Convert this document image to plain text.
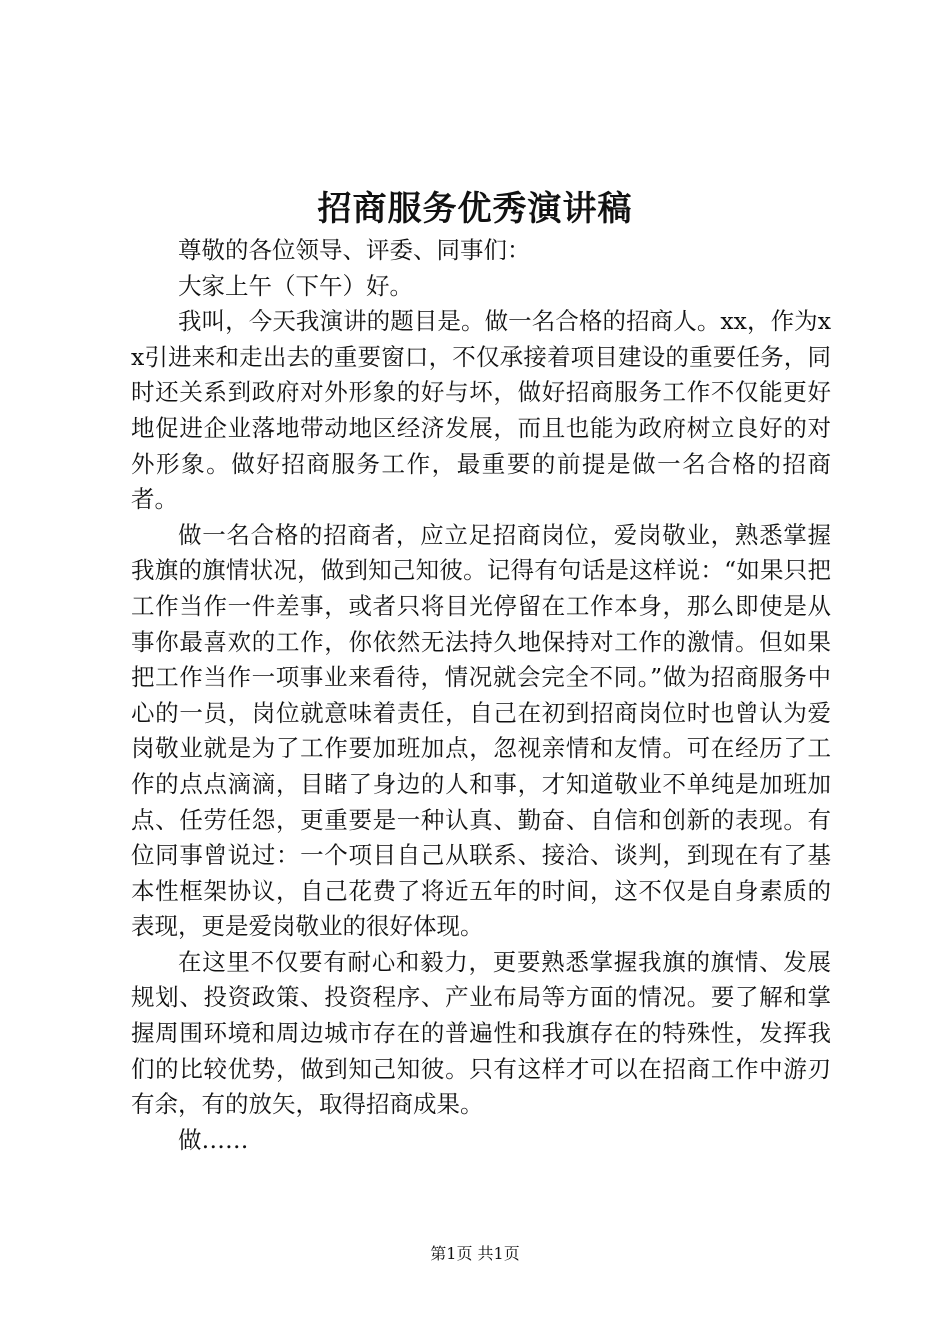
招商服务优秀演讲稿

尊敬的各位领导、评委、同事们：

大家上午（下午）好。

我叫，今天我演讲的题目是。做一名合格的招商人。xx，作为xx引进来和走出去的重要窗口，不仅承接着项目建设的重要任务，同时还关系到政府对外形象的好与坏，做好招商服务工作不仅能更好地促进企业落地带动地区经济发展，而且也能为政府树立良好的对外形象。做好招商服务工作，最重要的前提是做一名合格的招商者。

做一名合格的招商者，应立足招商岗位，爱岗敬业，熟悉掌握我旗的旗情状况，做到知己知彼。记得有句话是这样说：“如果只把工作当作一件差事，或者只将目光停留在工作本身，那么即使是从事你最喜欢的工作，你依然无法持久地保持对工作的激情。但如果把工作当作一项事业来看待，情况就会完全不同。”做为招商服务中心的一员，岗位就意味着责任，自己在初到招商岗位时也曾认为爱岗敬业就是为了工作要加班加点，忽视亲情和友情。可在经历了工作的点点滴滴，目睹了身边的人和事，才知道敬业不单纯是加班加点、任劳任怨，更重要是一种认真、勤奋、自信和创新的表现。有位同事曾说过：一个项目自己从联系、接洽、谈判，到现在有了基本性框架协议，自己花费了将近五年的时间，这不仅是自身素质的表现，更是爱岗敬业的很好体现。

在这里不仅要有耐心和毅力，更要熟悉掌握我旗的旗情、发展规划、投资政策、投资程序、产业布局等方面的情况。要了解和掌握周围环境和周边城市存在的普遍性和我旗存在的特殊性，发挥我们的比较优势，做到知己知彼。只有这样才可以在招商工作中游刃有余，有的放矢，取得招商成果。

做……

第1页 共1页
